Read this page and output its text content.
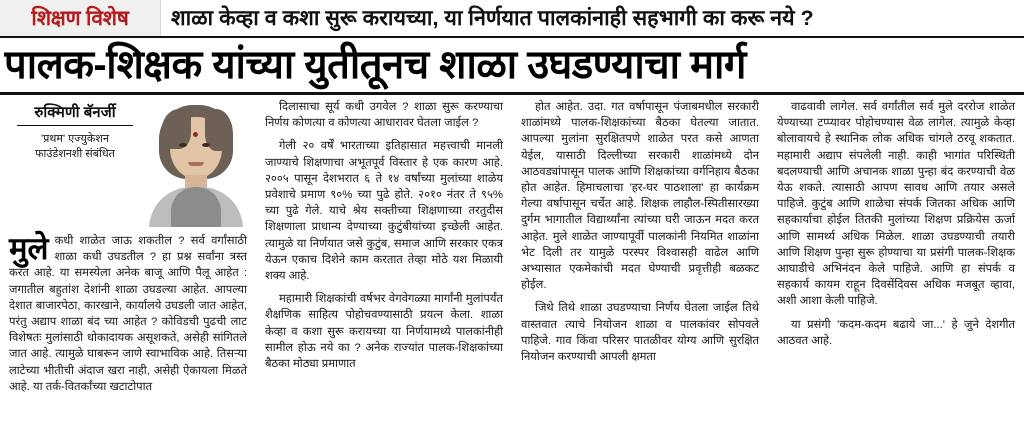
शिक्षण विशेष	शाळा केव्हा व कशा सुरू करायच्या, या निर्णयात पालकांनाही सहभागी का करू नये ?
पालक-शिक्षक यांच्या युतीतूनच शाळा उघडण्याचा मार्ग
रुक्मिणी बॅनर्जी
'प्रथम' एज्युकेशन
फाउंडेशनशी संबंधित

मुले कधी शाळेत जाऊ शकतील ? सर्व वर्गांसाठी शाळा कधी उघडतील ? हा प्रश्न सर्वांना त्रस्त करत आहे. या समस्येला अनेक बाजू आणि पैलू आहेत : जगातील बहुतांश देशांनी शाळा उघडल्या आहेत. आपल्या देशात बाजारपेठा, कारखाने, कार्यालये उघडली जात आहेत, परंतु अद्याप शाळा बंद च्या आहेत ? कोविडची पुढची लाट विशेषतः मुलांसाठी धोकादायक असूशकते, असेही सांगितले जात आहे. त्यामुळे घाबरून जाणे स्वाभाविक आहे. तिसऱ्या लाटेच्या भीतीची अंदाज खरा नाही, असेही ऐकायला मिळते आहे. या तर्क-वितर्कांच्या खटाटोपात

दिलासाचा सूर्य कधी उगवेल ? शाळा सुरू करण्याचा निर्णय कोणत्या व कोणत्या आधारावर घेतला जाईल ?

गेली २० वर्षें भारताच्या इतिहासात महत्त्वाची मानली जाण्याचे शिक्षणाचा अभूतपूर्व विस्तार हे एक कारण आहे. २००५ पासून देशभरात ६ ते १४ वर्षांच्या मुलांच्या शाळेय प्रवेशाचे प्रमाण ९०% च्या पुढे होते. २०१० नंतर ते ९५% च्या पुढे गेले. याचे श्रेय सक्तीच्या शिक्षणाच्या तरतुदीस शिक्षणाला प्राधान्य देण्याच्या कुटुंबीयांच्या इच्छेली आहेत. त्यामुळे या निर्णयात जसे कुटुंब, समाज आणि सरकार एकत्र येऊन एकाच दिशेने काम करतात तेव्हा मोठे यश मिळायी शक्य आहे.

महामारी शिक्षकांची वर्षभर वेगवेगळ्या मार्गांनी मुलांपर्यंत शैक्षणिक साहित्य पोहोचवण्यासाठी प्रयत्न केला. शाळा केव्हा व कशा सुरू करायच्या या निर्णयामध्ये पालकांनीही सामील होऊ नये का ? अनेक राज्यांत पालक-शिक्षकांच्या बैठका मोठ्या प्रमाणात

होत आहेत. उदा. गत वर्षापासून पंजाबमधील सरकारी शाळांमध्ये पालक-शिक्षकांच्या बैठका घेतल्या जातात. आपल्या मुलांना सुरक्षितपणे शाळेत परत कसे आणता येईल, यासाठी दिल्लीच्या सरकारी शाळांमध्ये दोन आठवड्यांपासून पालक आणि शिक्षकांच्या वर्गनिहाय बैठका होत आहेत. हिमाचलाचा 'हर-घर पाठशाला' हा कार्यक्रम गेल्या वर्षापासून चर्चेत आहे. शिक्षक लाहौल-स्पितीसारख्या दुर्गम भागातील विद्यार्थ्यांना त्यांच्या घरी जाऊन मदत करत आहेत. मुले शाळेत जाण्यापूर्वी पालकांनी नियमित शाळांना भेट दिली तर यामुळे परस्पर विश्वासही वाढेल आणि अभ्यासात एकमेकांची मदत घेण्याची प्रवृत्तीही बळकट होईल.

जिथे तिथे शाळा उघडण्याचा निर्णय घेतला जाईल तिथे वास्तवात त्याचे नियोजन शाळा व पालकांवर सोपवले पाहिजे. गाव किंवा परिसर पातळीवर योग्य आणि सुरक्षित नियोजन करण्याची आपली क्षमता

वाढवावी लागेल. सर्व वर्गांतील सर्व मुले दररोज शाळेत येण्याच्या टप्प्यावर पोहोचण्यास वेळ लागेल. त्यामुळे केव्हा बोलावायचे हे स्थानिक लोक अधिक चांगले ठरवू शकतात. महामारी अद्याप संपलेली नाही. काही भागांत परिस्थिती बदलण्याची आणि अचानक शाळा पुन्हा बंद करण्याची वेळ येऊ शकते. त्यासाठी आपण सावध आणि तयार असले पाहिजे. कुटुंब आणि शाळेचा संपर्क जितका अधिक आणि सहकार्याचा होईल तितकी मुलांच्या शिक्षण प्रक्रियेस ऊर्जा आणि सामर्थ्य अधिक मिळेल. शाळा उघडण्याची तयारी आणि शिक्षण पुन्हा सुरू होण्याचा या प्रसंगी पालक-शिक्षक आघाडीचे अभिनंदन केले पाहिजे. आणि हा संपर्क व सहकार्य कायम राहून दिवसेंदिवस अधिक मजबूत व्हावा, अशी आशा केली पाहिजे.

या प्रसंगी 'कदम-कदम बढाये जा...' हे जुने देशगीत आठवत आहे.
